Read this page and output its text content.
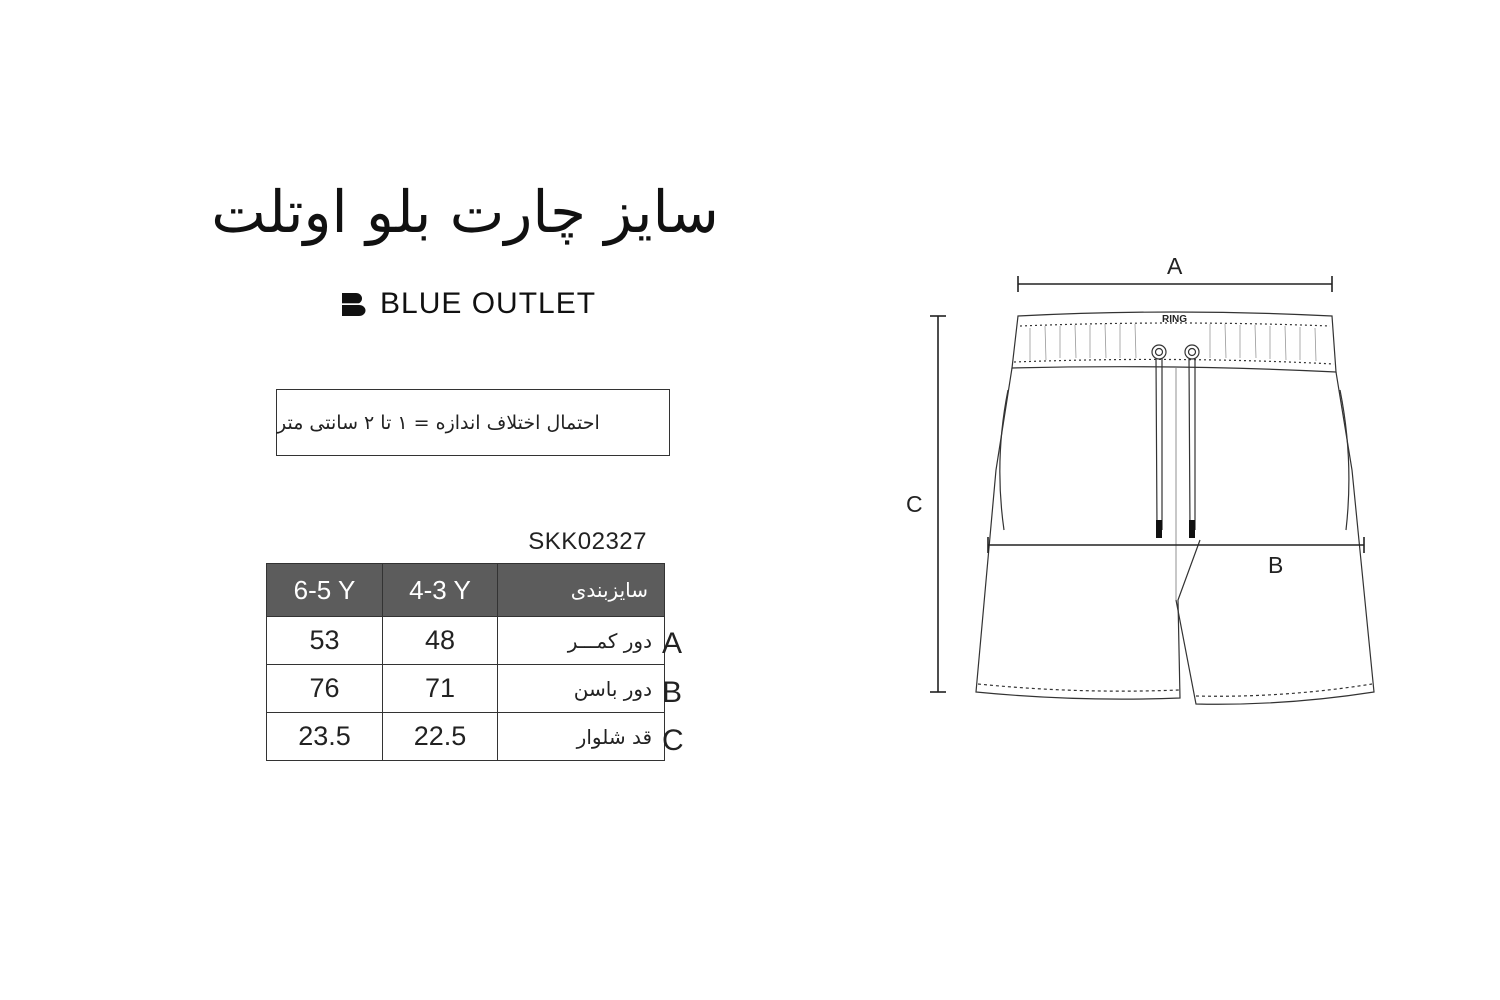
سایز چارت بلو اوتلت
BLUE OUTLET
احتمال اختلاف اندازه = ۱ تا ۲ سانتی متر
SKK02327
6-5 Y	4-3 Y	سایزبندی
53	48	دور کمـــر
76	71	دور باسن
23.5	22.5	قد شلوار
A
B
C
A
C
RING
B
